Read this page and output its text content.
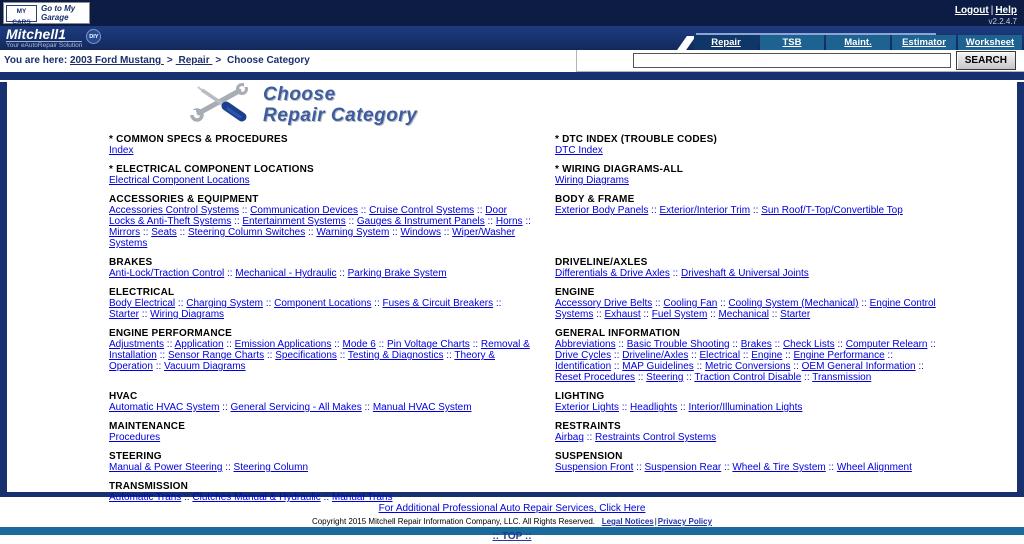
MY CARS
Go to My Garage
Logout | Help
v2.2.4.7
Mitchell1
Your eAutoRepair Solution
DIY
Repair	TSB	Maint.	Estimator	Worksheet
You are here: 2003 Ford Mustang > Repair > Choose Category	SEARCH
Choose
Repair Category
* COMMON SPECS & PROCEDURES
Index
* DTC INDEX (TROUBLE CODES)
DTC Index
* ELECTRICAL COMPONENT LOCATIONS
Electrical Component Locations
* WIRING DIAGRAMS-ALL
Wiring Diagrams
ACCESSORIES & EQUIPMENT
Accessories Control Systems :: Communication Devices :: Cruise Control Systems :: Door Locks & Anti-Theft Systems :: Entertainment Systems :: Gauges & Instrument Panels :: Horns :: Mirrors :: Seats :: Steering Column Switches :: Warning System :: Windows :: Wiper/Washer Systems
BODY & FRAME
Exterior Body Panels :: Exterior/Interior Trim :: Sun Roof/T-Top/Convertible Top
BRAKES
Anti-Lock/Traction Control :: Mechanical - Hydraulic :: Parking Brake System
DRIVELINE/AXLES
Differentials & Drive Axles :: Driveshaft & Universal Joints
ELECTRICAL
Body Electrical :: Charging System :: Component Locations :: Fuses & Circuit Breakers :: Starter :: Wiring Diagrams
ENGINE
Accessory Drive Belts :: Cooling Fan :: Cooling System (Mechanical) :: Engine Control Systems :: Exhaust :: Fuel System :: Mechanical :: Starter
ENGINE PERFORMANCE
Adjustments :: Application :: Emission Applications :: Mode 6 :: Pin Voltage Charts :: Removal & Installation :: Sensor Range Charts :: Specifications :: Testing & Diagnostics :: Theory & Operation :: Vacuum Diagrams
GENERAL INFORMATION
Abbreviations :: Basic Trouble Shooting :: Brakes :: Check Lists :: Computer Relearn :: Drive Cycles :: Driveline/Axles :: Electrical :: Engine :: Engine Performance :: Identification :: MAP Guidelines :: Metric Conversions :: OEM General Information :: Reset Procedures :: Steering :: Traction Control Disable :: Transmission
HVAC
Automatic HVAC System :: General Servicing - All Makes :: Manual HVAC System
LIGHTING
Exterior Lights :: Headlights :: Interior/Illumination Lights
MAINTENANCE
Procedures
RESTRAINTS
Airbag :: Restraints Control Systems
STEERING
Manual & Power Steering :: Steering Column
SUSPENSION
Suspension Front :: Suspension Rear :: Wheel & Tire System :: Wheel Alignment
TRANSMISSION
Automatic Trans :: Clutches Manual & Hydraulic :: Manual Trans
For Additional Professional Auto Repair Services, Click Here
Copyright 2015 Mitchell Repair Information Company, LLC. All Rights Reserved. Legal Notices|Privacy Policy
:: TOP ::
